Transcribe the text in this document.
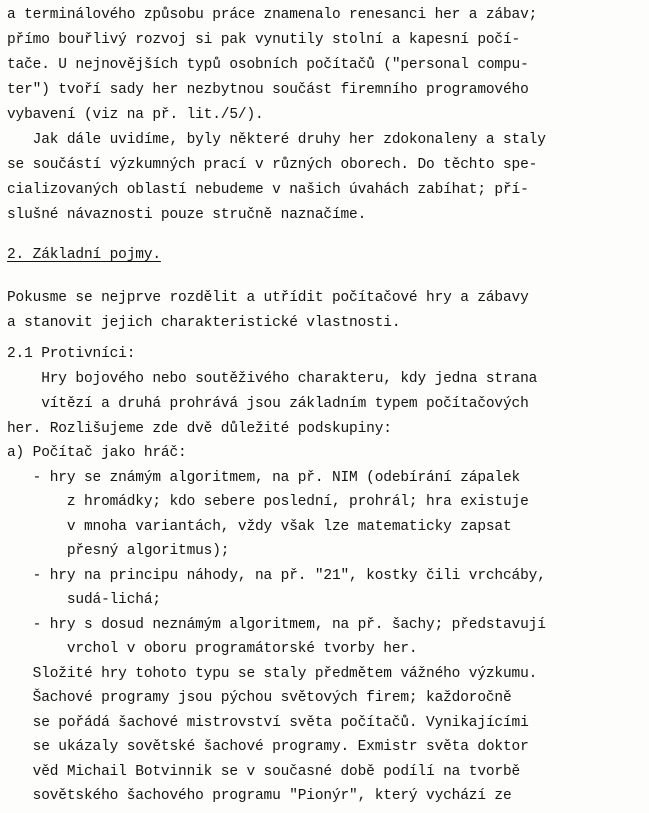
a terminálového způsobu práce znamenalo renesanci her a zábav;
přímo bouřlivý rozvoj si pak vynutily stolní a kapesní počí-
tače. U nejnovějších typů osobních počítačů ("personal compu-
ter") tvoří sady her nezbytnou součást firemního programového
vybavení (viz na př. lit./5/).
Jak dále uvidíme, byly některé druhy her zdokonaleny a staly
se součástí výzkumných prací v různých oborech. Do těchto spe-
cializovaných oblastí nebudeme v našich úvahách zabíhat; pří-
slušné návaznosti pouze stručně naznačíme.
2. Základní pojmy.
Pokusme se nejprve rozdělit a utřídit počítačové hry a zábavy
a stanovit jejich charakteristické vlastnosti.
2.1 Protivníci:
Hry bojového nebo soutěživého charakteru, kdy jedna strana
vítězí a druhá prohrává jsou základním typem počítačových
her. Rozlišujeme zde dvě důležité podskupiny:
a) Počítač jako hráč:
- hry se známým algoritmem, na př. NIM (odebírání zápalek
z hromádky; kdo sebere poslední, prohrál; hra existuje
v mnoha variantách, vždy však lze matematicky zapsat
přesný algoritmus);
- hry na principu náhody, na př. "21", kostky čili vrchcáby,
sudá-lichá;
- hry s dosud neznámým algoritmem, na př. šachy; představují
vrchol v oboru programátorské tvorby her.
Složité hry tohoto typu se staly předmětem vážného výzkumu.
Šachové programy jsou pýchou světových firem; každoročně
se pořádá šachové mistrovství světa počítačů. Vynikajícími
se ukázaly sovětské šachové programy. Exmistr světa doktor
věd Michail Botvinnik se v současné době podílí na tvorbě
sovětského šachového programu "Pionýr", který vychází ze
